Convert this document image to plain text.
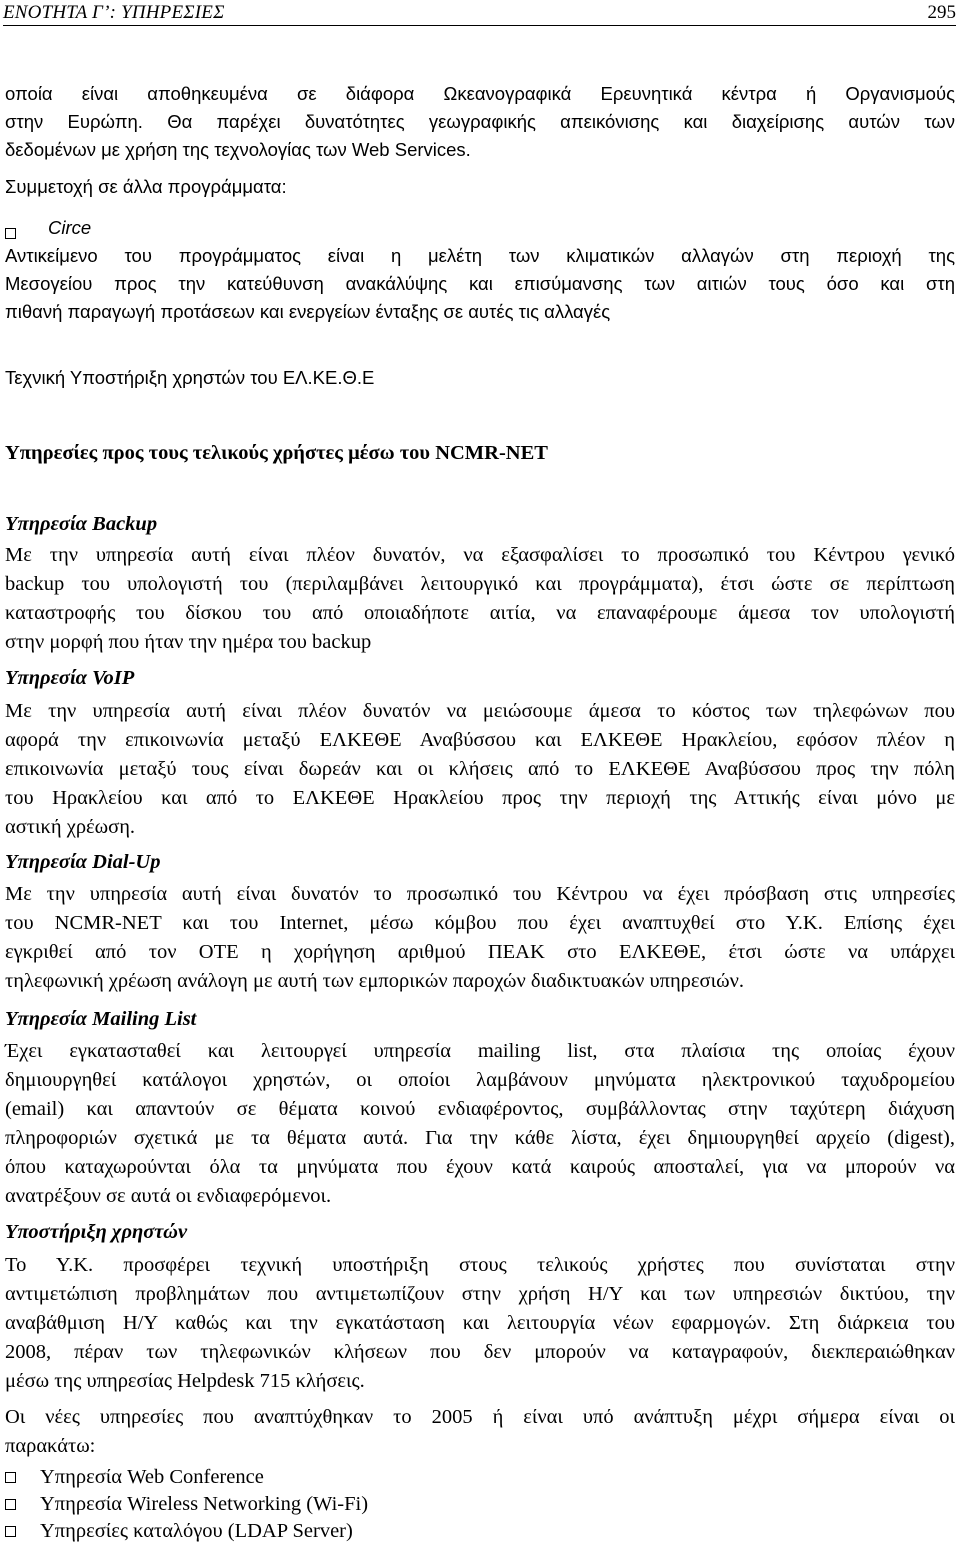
ΕΝΟΤΗΤΑ Γ’: ΥΠΗΡΕΣΙΕΣ	295
οποία είναι αποθηκευμένα σε διάφορα Ωκεανογραφικά Ερευνητικά κέντρα ή Οργανισμούς
στην Ευρώπη. Θα παρέχει δυνατότητες γεωγραφικής απεικόνισης και διαχείρισης αυτών των
δεδομένων με χρήση της τεχνολογίας των Web Services.
Συμμετοχή σε άλλα προγράμματα:
Circe
Αντικείμενο του προγράμματος είναι η μελέτη των κλιματικών αλλαγών στη περιοχή της
Μεσογείου προς την κατεύθυνση ανακάλύψης και επισύμανσης των αιτιών τους όσο και στη
πιθανή παραγωγή προτάσεων και ενεργείων ένταξης σε αυτές τις αλλαγές
Τεχνική Υποστήριξη χρηστών του ΕΛ.ΚΕ.Θ.Ε
Υπηρεσίες προς τους τελικούς χρήστες μέσω του NCMR-NET
Υπηρεσία Backup
Με την υπηρεσία αυτή είναι πλέον δυνατόν, να εξασφαλίσει το προσωπικό του Κέντρου γενικό
backup του υπολογιστή του (περιλαμβάνει λειτουργικό και προγράμματα), έτσι ώστε σε περίπτωση
καταστροφής του δίσκου του από οποιαδήποτε αιτία, να επαναφέρουμε άμεσα τον υπολογιστή
στην μορφή που ήταν την ημέρα του backup
Υπηρεσία VoIP
Με την υπηρεσία αυτή είναι πλέον δυνατόν να μειώσουμε άμεσα το κόστος των τηλεφώνων που
αφορά την επικοινωνία μεταξύ ΕΛΚΕΘΕ Αναβύσσου και ΕΛΚΕΘΕ Ηρακλείου, εφόσον πλέον η
επικοινωνία μεταξύ τους είναι δωρεάν και οι κλήσεις από το ΕΛΚΕΘΕ Αναβύσσου προς την πόλη
του Ηρακλείου και από το ΕΛΚΕΘΕ Ηρακλείου προς την περιοχή της Αττικής είναι μόνο με
αστική χρέωση.
Υπηρεσία Dial-Up
Με την υπηρεσία αυτή είναι δυνατόν το προσωπικό του Κέντρου να έχει πρόσβαση στις υπηρεσίες
του NCMR-NET και του Internet, μέσω κόμβου που έχει αναπτυχθεί στο Υ.Κ. Επίσης έχει
εγκριθεί από τον ΟΤΕ η χορήγηση αριθμού ΠΕΑΚ στο ΕΛΚΕΘΕ, έτσι ώστε να υπάρχει
τηλεφωνική χρέωση ανάλογη με αυτή των εμπορικών παροχών διαδικτυακών υπηρεσιών.
Υπηρεσία Mailing List
Έχει εγκατασταθεί και λειτουργεί υπηρεσία mailing list, στα πλαίσια της οποίας έχουν
δημιουργηθεί κατάλογοι χρηστών, οι οποίοι λαμβάνουν μηνύματα ηλεκτρονικού ταχυδρομείου
(email) και απαντούν σε θέματα κοινού ενδιαφέροντος, συμβάλλοντας στην ταχύτερη διάχυση
πληροφοριών σχετικά με τα θέματα αυτά. Για την κάθε λίστα, έχει δημιουργηθεί αρχείο (digest),
όπου καταχωρούνται όλα τα μηνύματα που έχουν κατά καιρούς αποσταλεί, για να μπορούν να
ανατρέξουν σε αυτά οι ενδιαφερόμενοι.
Υποστήριξη χρηστών
Το Υ.Κ. προσφέρει τεχνική υποστήριξη στους τελικούς χρήστες που συνίσταται στην
αντιμετώπιση προβλημάτων που αντιμετωπίζουν στην χρήση Η/Υ και των υπηρεσιών δικτύου, την
αναβάθμιση Η/Υ καθώς και την εγκατάσταση και λειτουργία νέων εφαρμογών. Στη διάρκεια του
2008, πέραν των τηλεφωνικών κλήσεων που δεν μπορούν να καταγραφούν, διεκπεραιώθηκαν
μέσω της υπηρεσίας Helpdesk 715 κλήσεις.
Οι νέες υπηρεσίες που αναπτύχθηκαν το 2005 ή είναι υπό ανάπτυξη μέχρι σήμερα είναι οι
παρακάτω:
Υπηρεσία Web Conference
Υπηρεσία Wireless Networking (Wi-Fi)
Υπηρεσίες καταλόγου (LDAP Server)
